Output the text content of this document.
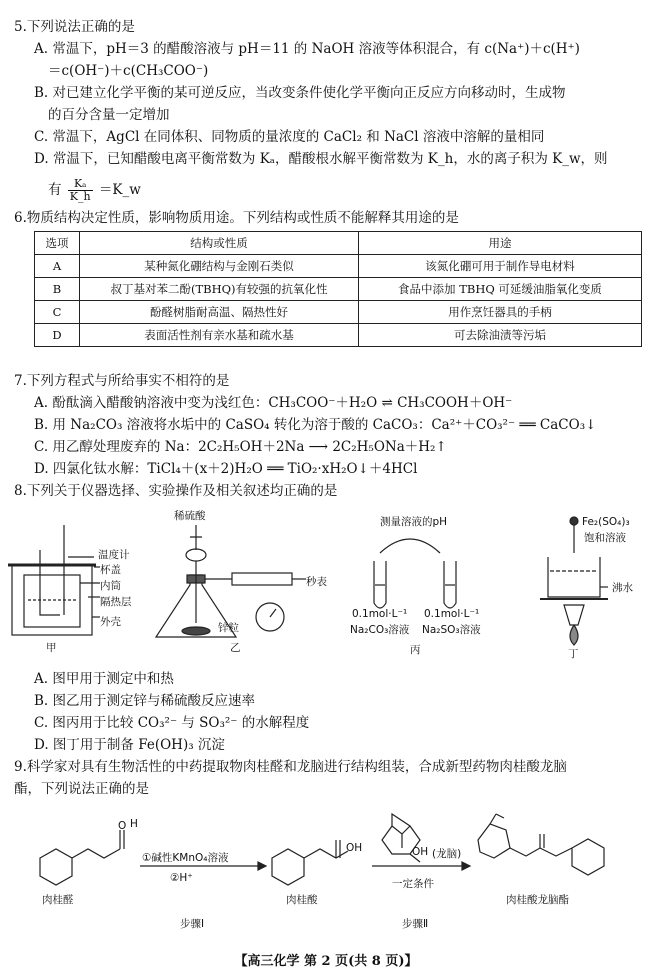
5.下列说法正确的是
A. 常温下，pH＝3 的醋酸溶液与 pH＝11 的 NaOH 溶液等体积混合，有 c(Na⁺)＋c(H⁺)
＝c(OH⁻)＋c(CH₃COO⁻)
B. 对已建立化学平衡的某可逆反应，当改变条件使化学平衡向正反应方向移动时，生成物
的百分含量一定增加
C. 常温下，AgCl 在同体积、同物质的量浓度的 CaCl₂ 和 NaCl 溶液中溶解的量相同
D. 常温下，已知醋酸电离平衡常数为 Kₐ，醋酸根水解平衡常数为 K_h，水的离子积为 K_w，则
有 $\frac{\text{Kₐ}}{K\_h}$ ＝K_w
6.物质结构决定性质，影响物质用途。下列结构或性质不能解释其用途的是
选项	结构或性质	用途
A	某种氮化硼结构与金刚石类似	该氮化硼可用于制作导电材料
B	叔丁基对苯二酚(TBHQ)有较强的抗氧化性	食品中添加 TBHQ 可延缓油脂氧化变质
C	酚醛树脂耐高温、隔热性好	用作烹饪器具的手柄
D	表面活性剂有亲水基和疏水基	可去除油渍等污垢
7.下列方程式与所给事实不相符的是
A. 酚酞滴入醋酸钠溶液中变为浅红色：CH₃COO⁻＋H₂O ⇌ CH₃COOH＋OH⁻
B. 用 Na₂CO₃ 溶液将水垢中的 CaSO₄ 转化为溶于酸的 CaCO₃：Ca²⁺＋CO₃²⁻ ══ CaCO₃↓
C. 用乙醇处理废弃的 Na：2C₂H₅OH＋2Na ⟶ 2C₂H₅ONa＋H₂↑
D. 四氯化钛水解：TiCl₄＋(x＋2)H₂O ══ TiO₂·xH₂O↓＋4HCl
8.下列关于仪器选择、实验操作及相关叙述均正确的是
温度计
杯盖
内筒
隔热层
外壳
甲
稀硫酸
秒表
锌粒
乙
测量溶液的pH
0.1mol·L⁻¹
Na₂CO₃溶液
0.1mol·L⁻¹
Na₂SO₃溶液
丙
Fe₂(SO₄)₃
饱和溶液
沸水
丁
A. 图甲用于测定中和热
B. 图乙用于测定锌与稀硫酸反应速率
C. 图丙用于比较 CO₃²⁻ 与 SO₃²⁻ 的水解程度
D. 图丁用于制备 Fe(OH)₃ 沉淀
9.科学家对具有生物活性的中药提取物肉桂醛和龙脑进行结构组装，合成新型药物肉桂酸龙脑
酯，下列说法正确的是
H
O
肉桂醛
①碱性KMnO₄溶液
②H⁺
步骤Ⅰ
肉桂酸
OH	OH (龙脑)
一定条件
步骤Ⅱ
肉桂酸龙脑酯
【高三化学 第 2 页(共 8 页)】
